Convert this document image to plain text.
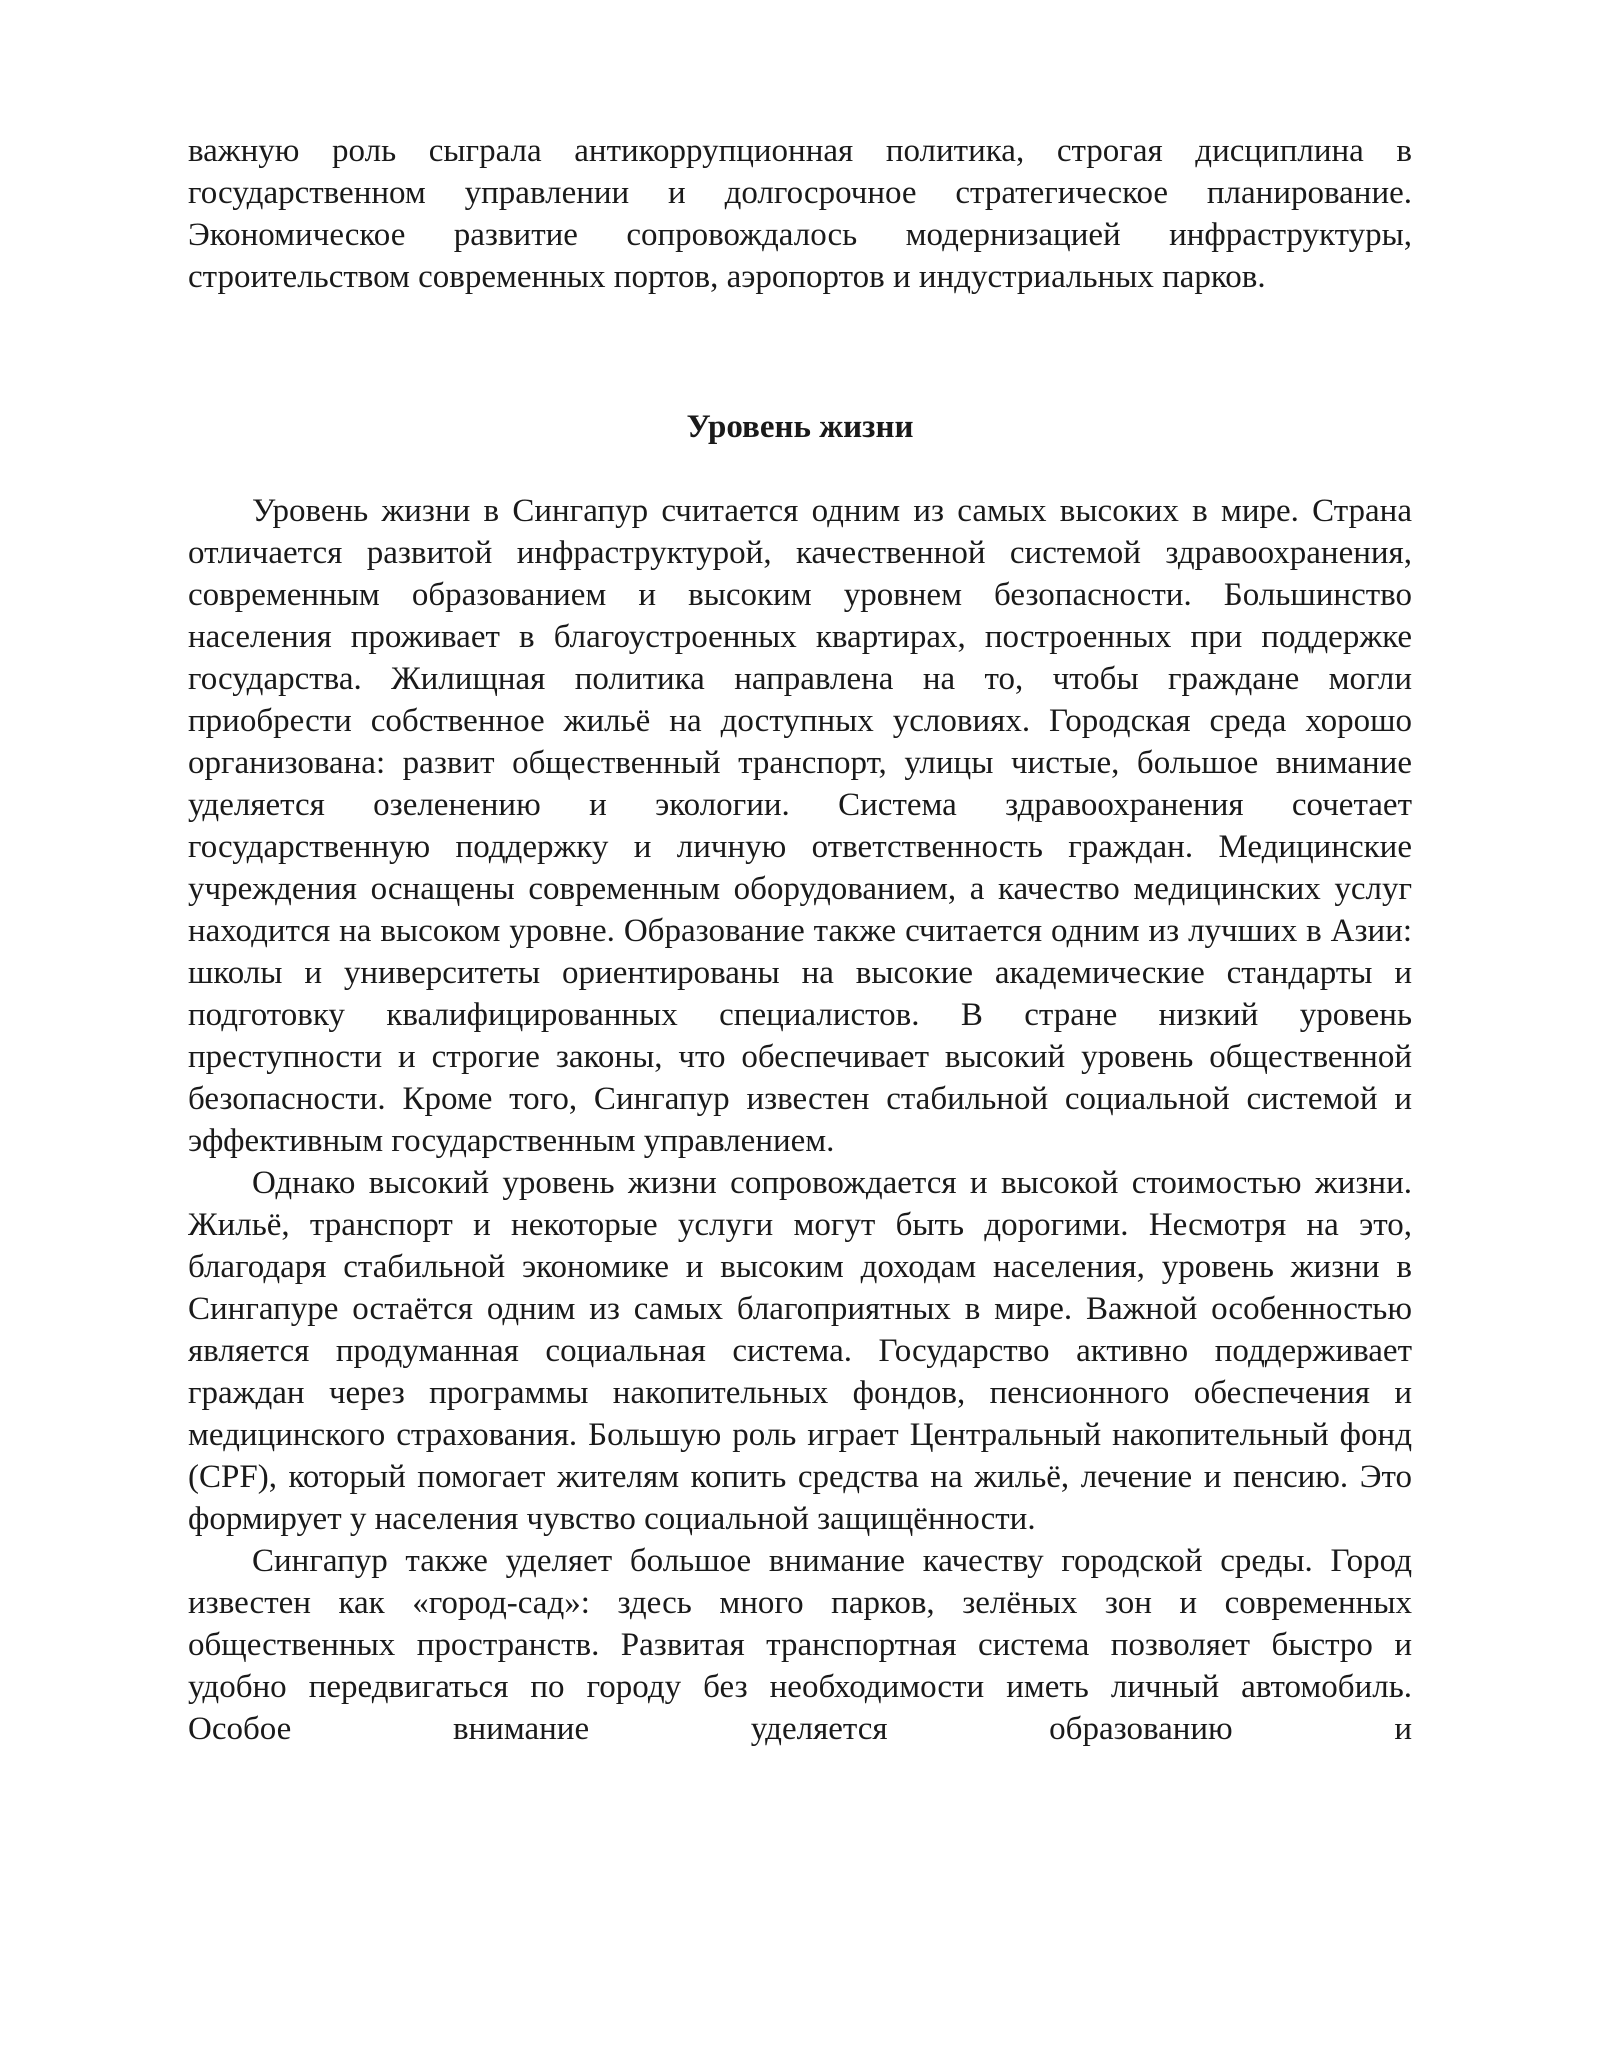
важную роль сыграла антикоррупционная политика, строгая дисциплина в государственном управлении и долгосрочное стратегическое планирование. Экономическое развитие сопровождалось модернизацией инфраструктуры, строительством современных портов, аэропортов и индустриальных парков.

Уровень жизни

Уровень жизни в Сингапур считается одним из самых высоких в мире. Страна отличается развитой инфраструктурой, качественной системой здравоохранения, современным образованием и высоким уровнем безопасности. Большинство населения проживает в благоустроенных квартирах, построенных при поддержке государства. Жилищная политика направлена на то, чтобы граждане могли приобрести собственное жильё на доступных условиях. Городская среда хорошо организована: развит общественный транспорт, улицы чистые, большое внимание уделяется озеленению и экологии. Система здравоохранения сочетает государственную поддержку и личную ответственность граждан. Медицинские учреждения оснащены современным оборудованием, а качество медицинских услуг находится на высоком уровне. Образование также считается одним из лучших в Азии: школы и университеты ориентированы на высокие академические стандарты и подготовку квалифицированных специалистов. В стране низкий уровень преступности и строгие законы, что обеспечивает высокий уровень общественной безопасности. Кроме того, Сингапур известен стабильной социальной системой и эффективным государственным управлением.

Однако высокий уровень жизни сопровождается и высокой стоимостью жизни. Жильё, транспорт и некоторые услуги могут быть дорогими. Несмотря на это, благодаря стабильной экономике и высоким доходам населения, уровень жизни в Сингапуре остаётся одним из самых благоприятных в мире. Важной особенностью является продуманная социальная система. Государство активно поддерживает граждан через программы накопительных фондов, пенсионного обеспечения и медицинского страхования. Большую роль играет Центральный накопительный фонд (CPF), который помогает жителям копить средства на жильё, лечение и пенсию. Это формирует у населения чувство социальной защищённости.

Сингапур также уделяет большое внимание качеству городской среды. Город известен как «город-сад»: здесь много парков, зелёных зон и современных общественных пространств. Развитая транспортная система позволяет быстро и удобно передвигаться по городу без необходимости иметь личный автомобиль. Особое внимание уделяется образованию и
